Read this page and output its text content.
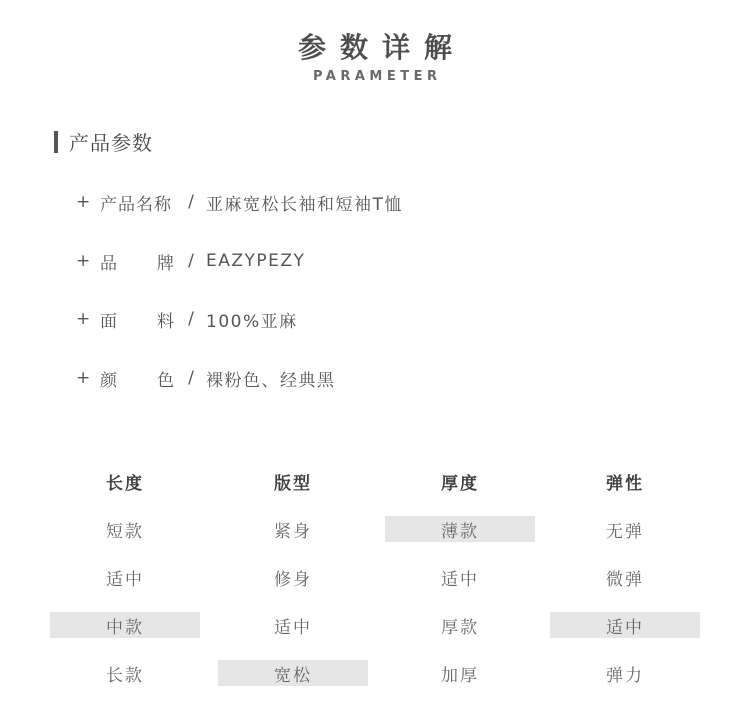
参数详解
PARAMETER
产品参数
+ 产品名称 / 亚麻宽松长袖和短袖T恤
+ 品 牌 / EAZYPEZY
+ 面 料 / 100%亚麻
+ 颜 色 / 裸粉色、经典黑
长度
短款
适中
中款
长款
版型
紧身
修身
适中
宽松
厚度
薄款
适中
厚款
加厚
弹性
无弹
微弹
适中
弹力
